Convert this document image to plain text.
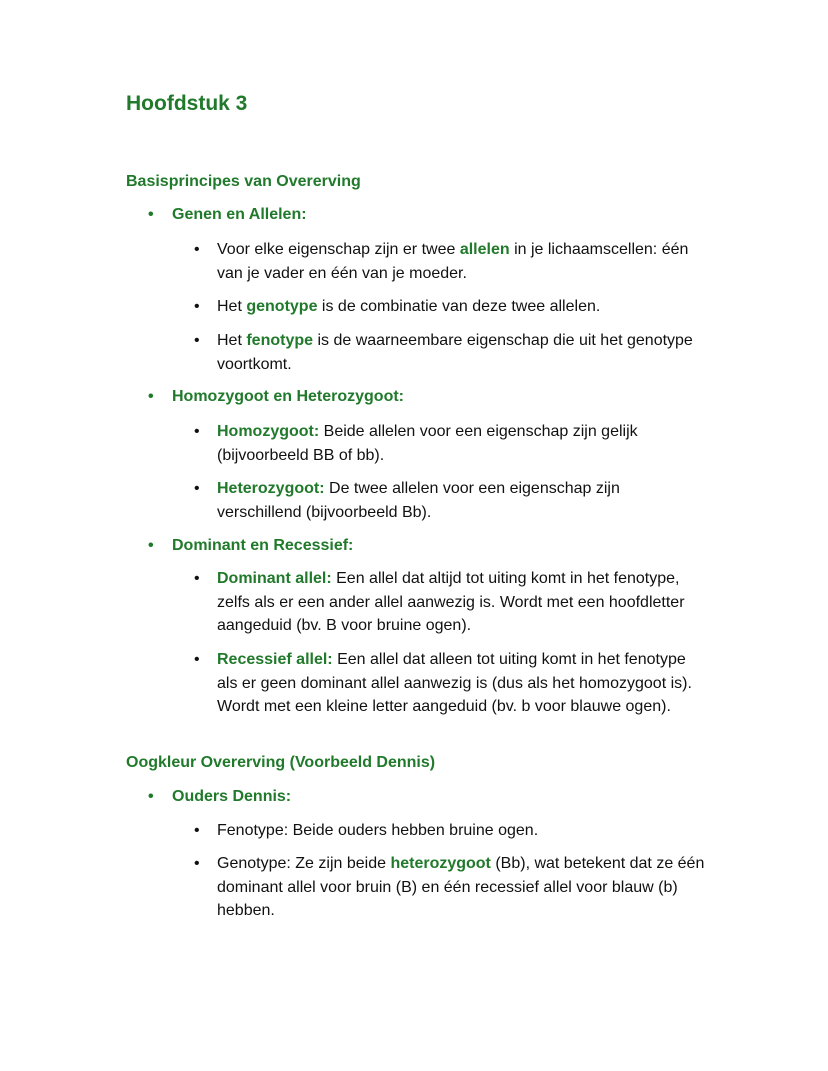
Hoofdstuk 3
Basisprincipes van Overerving
• Genen en Allelen:
• Voor elke eigenschap zijn er twee allelen in je lichaamscellen: één van je vader en één van je moeder.
• Het genotype is de combinatie van deze twee allelen.
• Het fenotype is de waarneembare eigenschap die uit het genotype voortkomt.
• Homozygoot en Heterozygoot:
• Homozygoot: Beide allelen voor een eigenschap zijn gelijk (bijvoorbeeld BB of bb).
• Heterozygoot: De twee allelen voor een eigenschap zijn verschillend (bijvoorbeeld Bb).
• Dominant en Recessief:
• Dominant allel: Een allel dat altijd tot uiting komt in het fenotype, zelfs als er een ander allel aanwezig is. Wordt met een hoofdletter aangeduid (bv. B voor bruine ogen).
• Recessief allel: Een allel dat alleen tot uiting komt in het fenotype als er geen dominant allel aanwezig is (dus als het homozygoot is). Wordt met een kleine letter aangeduid (bv. b voor blauwe ogen).
Oogkleur Overerving (Voorbeeld Dennis)
• Ouders Dennis:
• Fenotype: Beide ouders hebben bruine ogen.
• Genotype: Ze zijn beide heterozygoot (Bb), wat betekent dat ze één dominant allel voor bruin (B) en één recessief allel voor blauw (b) hebben.
